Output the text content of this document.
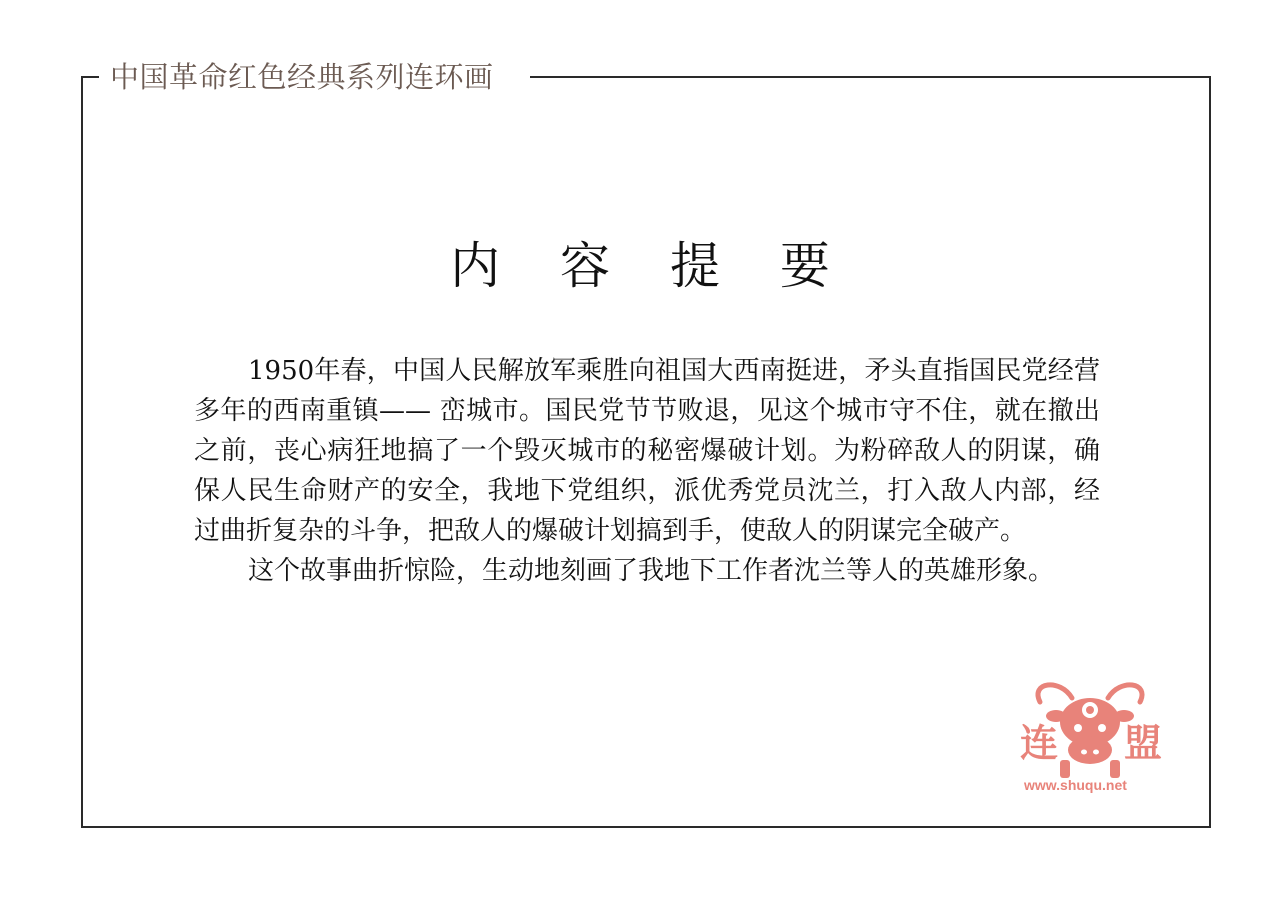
中国革命红色经典系列连环画
内 容 提 要

1950年春，中国人民解放军乘胜向祖国大西南挺进，矛头直指国民党经营多年的西南重镇—— 峦城市。国民党节节败退，见这个城市守不住，就在撤出之前，丧心病狂地搞了一个毁灭城市的秘密爆破计划。为粉碎敌人的阴谋，确保人民生命财产的安全，我地下党组织，派优秀党员沈兰，打入敌人内部，经过曲折复杂的斗争，把敌人的爆破计划搞到手，使敌人的阴谋完全破产。

这个故事曲折惊险，生动地刻画了我地下工作者沈兰等人的英雄形象。

连 盟
www.shuqu.net
